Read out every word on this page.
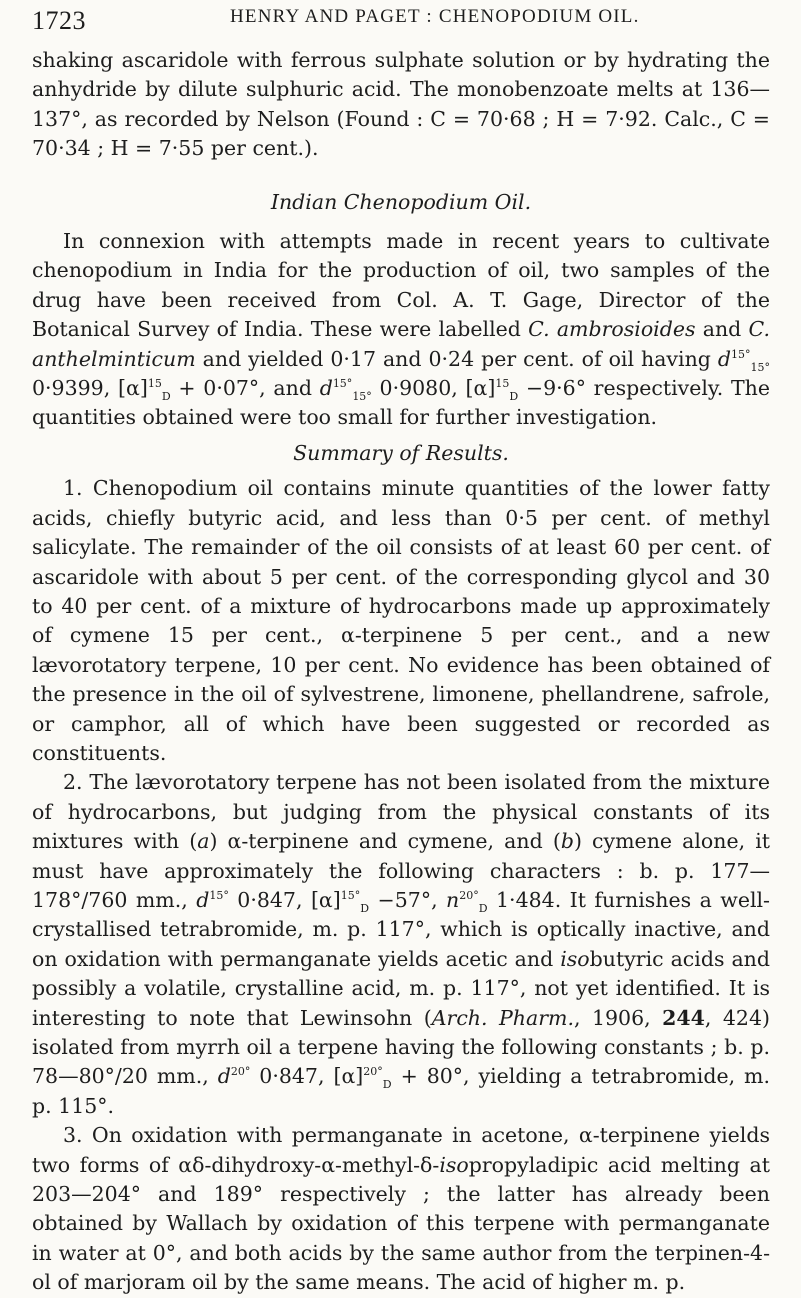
1723	HENRY AND PAGET : CHENOPODIUM OIL.

shaking ascaridole with ferrous sulphate solution or by hydrating the anhydride by dilute sulphuric acid. The monobenzoate melts at 136—137°, as recorded by Nelson (Found : C = 70·68 ; H = 7·92. Calc., C = 70·34 ; H = 7·55 per cent.).

Indian Chenopodium Oil.

In connexion with attempts made in recent years to cultivate chenopodium in India for the production of oil, two samples of the drug have been received from Col. A. T. Gage, Director of the Botanical Survey of India. These were labelled C. ambrosioides and C. anthelminticum and yielded 0·17 and 0·24 per cent. of oil having $d^{15^\circ}_{15^\circ}$ 0·9399, $[\alpha]^{15}_D + 0\cdot 07^\circ$, and $d^{15^\circ}_{15^\circ}$ 0·9080, $[\alpha]^{15}_D -9\cdot 6^\circ$ respectively. The quantities obtained were too small for further investigation.

Summary of Results.

1. Chenopodium oil contains minute quantities of the lower fatty acids, chiefly butyric acid, and less than 0·5 per cent. of methyl salicylate. The remainder of the oil consists of at least 60 per cent. of ascaridole with about 5 per cent. of the corresponding glycol and 30 to 40 per cent. of a mixture of hydrocarbons made up approximately of cymene 15 per cent., α-terpinene 5 per cent., and a new lævorotatory terpene, 10 per cent. No evidence has been obtained of the presence in the oil of sylvestrene, limonene, phellandrene, safrole, or camphor, all of which have been suggested or recorded as constituents.

2. The lævorotatory terpene has not been isolated from the mixture of hydrocarbons, but judging from the physical constants of its mixtures with (a) α-terpinene and cymene, and (b) cymene alone, it must have approximately the following characters : b. p. 177—178°/760 mm., $d^{15^\circ}$ 0·847, $[\alpha]^{15^\circ}_D -57^\circ$, $n^{20^\circ}_D$ 1·484. It furnishes a well-crystallised tetrabromide, m. p. 117°, which is optically inactive, and on oxidation with permanganate yields acetic and isobutyric acids and possibly a volatile, crystalline acid, m. p. 117°, not yet identified. It is interesting to note that Lewinsohn (Arch. Pharm., 1906, 244, 424) isolated from myrrh oil a terpene having the following constants ; b. p. 78—80°/20 mm., $d^{20^\circ}$ 0·847, $[\alpha]^{20^\circ}_D + 80^\circ$, yielding a tetrabromide, m. p. 115°.

3. On oxidation with permanganate in acetone, α-terpinene yields two forms of αδ-dihydroxy-α-methyl-δ-isopropyladipic acid melting at 203—204° and 189° respectively ; the latter has already been obtained by Wallach by oxidation of this terpene with permanganate in water at 0°, and both acids by the same author from the terpinen-4-ol of marjoram oil by the same means. The acid of higher m. p.
